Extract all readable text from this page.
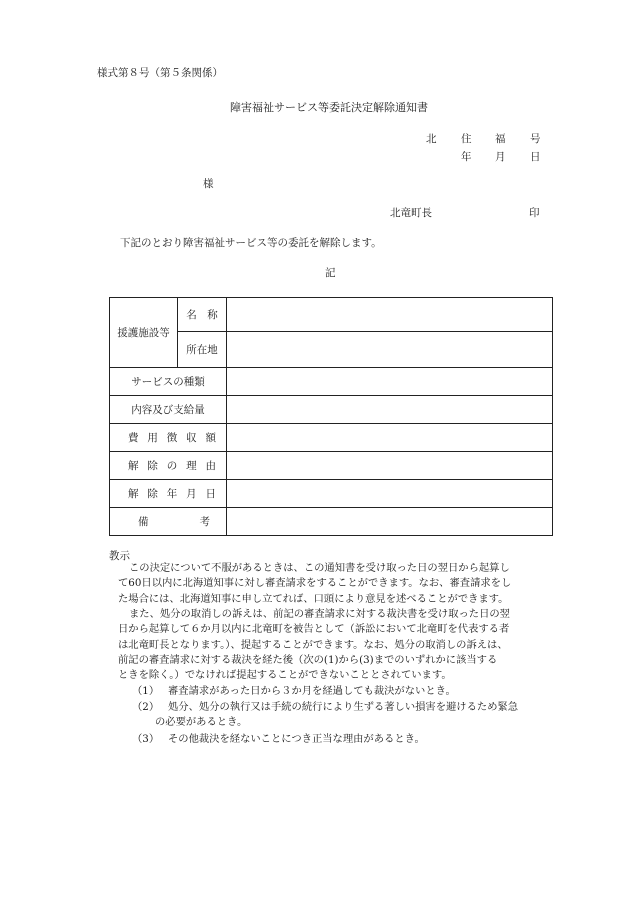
様式第８号（第５条関係）
障害福祉サービス等委託決定解除通知書
北 住 福 号
年 月 日
様
北竜町長	印
下記のとおり障害福祉サービス等の委託を解除します。
記
援護施設等	名　称	
	所在地	
サービスの種類		
内容及び支給量		
費用徴収額		
解除の理由		
解除年月日		
備考		
教示
この決定について不服があるときは、この通知書を受け取った日の翌日から起算し
て60日以内に北海道知事に対し審査請求をすることができます。なお、審査請求をし
た場合には、北海道知事に申し立てれば、口頭により意見を述べることができます。
また、処分の取消しの訴えは、前記の審査請求に対する裁決書を受け取った日の翌
日から起算して６か月以内に北竜町を被告として（訴訟において北竜町を代表する者
は北竜町長となります。）、提起することができます。なお、処分の取消しの訴えは、
前記の審査請求に対する裁決を経た後（次の(1)から(3)までのいずれかに該当する
ときを除く。）でなければ提起することができないこととされています。
（1） 審査請求があった日から３か月を経過しても裁決がないとき。
（2） 処分、処分の執行又は手続の続行により生ずる著しい損害を避けるため緊急
の必要があるとき。
（3） その他裁決を経ないことにつき正当な理由があるとき。
